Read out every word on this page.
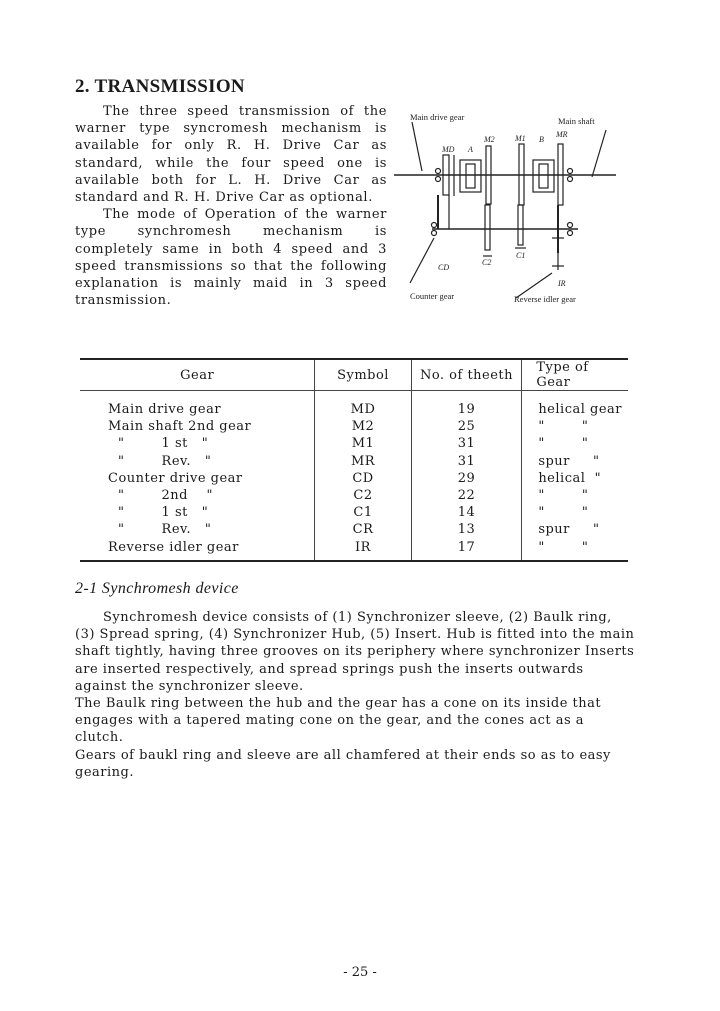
2. TRANSMISSION

The three speed transmission of the warner type syncromesh mechanism is available for only R. H. Drive Car as standard, while the four speed one is available both for L. H. Drive Car as standard and R. H. Drive Car as optional.

The mode of Operation of the warner type synchromesh mechanism is completely same in both 4 speed and 3 speed transmissions so that the following explanation is mainly maid in 3 speed transmission.

Main drive gear	Main shaft
Counter gear	Reverse idler gear
MD A
M2	M1 B
MR
CD
C2
C1
IR
Gear	Symbol	No. of theeth	Type of Gear
Main drive gear	MD	19	helical gear
Main shaft 2nd gear	M2	25	"        "
"        1 st   "	M1	31	"        "
"        Rev.   "	MR	31	spur     "
Counter drive gear	CD	29	helical  "
"        2nd    "	C2	22	"        "
"        1 st   "	C1	14	"        "
"        Rev.   "	CR	13	spur     "
Reverse idler gear	IR	17	"        "
2-1 Synchromesh device

Synchromesh device consists of (1) Synchronizer sleeve, (2) Baulk ring, (3) Spread spring, (4) Synchronizer Hub, (5) Insert. Hub is fitted into the main shaft tightly, having three grooves on its periphery where synchronizer Inserts are inserted respectively, and spread springs push the inserts outwards against the synchronizer sleeve.

The Baulk ring between the hub and the gear has a cone on its inside that engages with a tapered mating cone on the gear, and the cones act as a clutch.

Gears of baukl ring and sleeve are all chamfered at their ends so as to easy gearing.

- 25 -
